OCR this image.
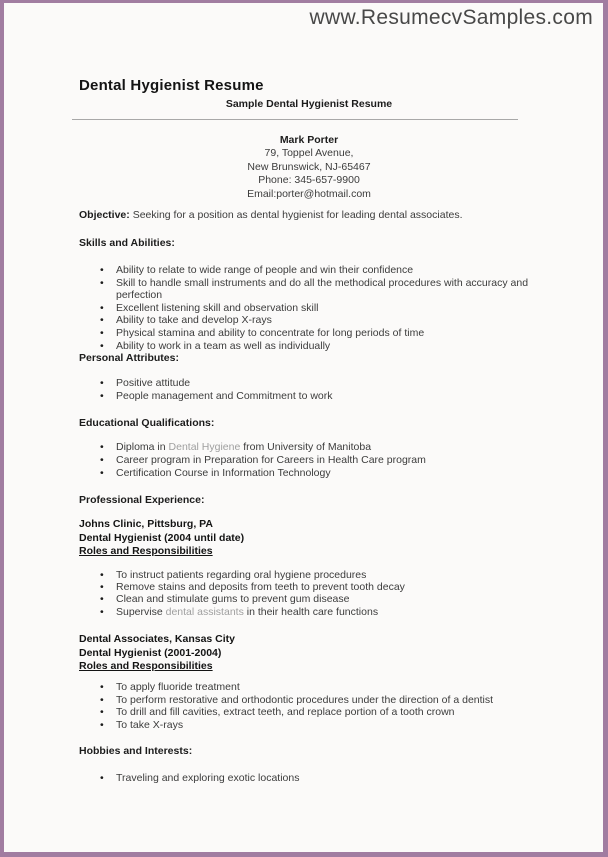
www.ResumecvSamples.com
Dental Hygienist Resume
Sample Dental Hygienist Resume
Mark Porter
79, Toppel Avenue,
New Brunswick, NJ-65467
Phone: 345-657-9900
Email:porter@hotmail.com
Objective: Seeking for a position as dental hygienist for leading dental associates.
Skills and Abilities:
• Ability to relate to wide range of people and win their confidence
• Skill to handle small instruments and do all the methodical procedures with accuracy and perfection
• Excellent listening skill and observation skill
• Ability to take and develop X-rays
• Physical stamina and ability to concentrate for long periods of time
• Ability to work in a team as well as individually
Personal Attributes:
• Positive attitude
• People management and Commitment to work
Educational Qualifications:
• Diploma in Dental Hygiene from University of Manitoba
• Career program in Preparation for Careers in Health Care program
• Certification Course in Information Technology
Professional Experience:
Johns Clinic, Pittsburg, PA
Dental Hygienist (2004 until date)
Roles and Responsibilities
• To instruct patients regarding oral hygiene procedures
• Remove stains and deposits from teeth to prevent tooth decay
• Clean and stimulate gums to prevent gum disease
• Supervise dental assistants in their health care functions
Dental Associates, Kansas City
Dental Hygienist (2001-2004)
Roles and Responsibilities
• To apply fluoride treatment
• To perform restorative and orthodontic procedures under the direction of a dentist
• To drill and fill cavities, extract teeth, and replace portion of a tooth crown
• To take X-rays
Hobbies and Interests:
• Traveling and exploring exotic locations
